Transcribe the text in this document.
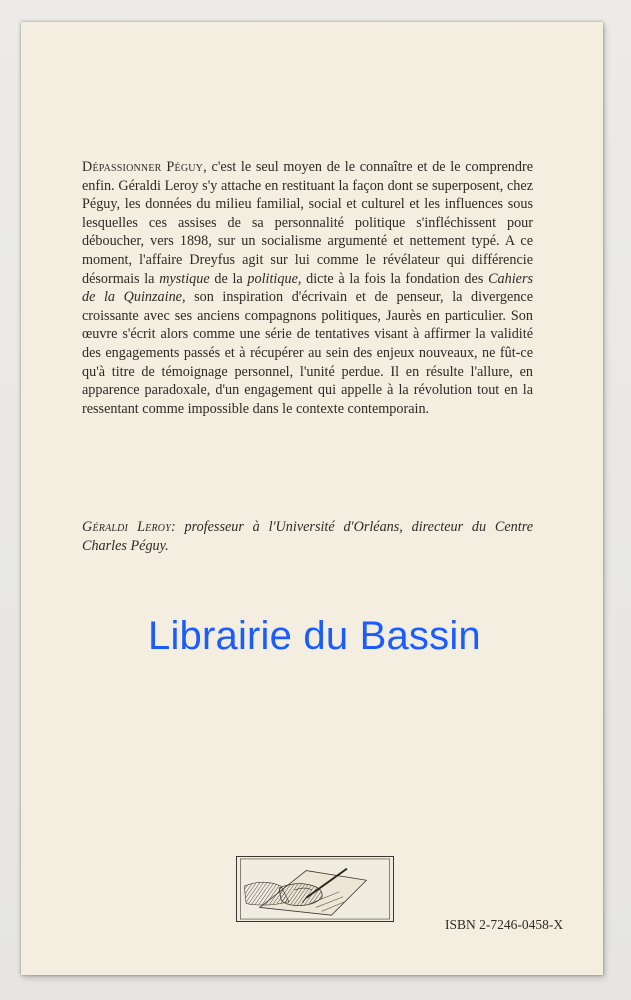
Dépassionner Péguy, c'est le seul moyen de le connaître et de le comprendre enfin. Géraldi Leroy s'y attache en restituant la façon dont se superposent, chez Péguy, les données du milieu familial, social et culturel et les influences sous lesquelles ces assises de sa personnalité politique s'infléchissent pour déboucher, vers 1898, sur un socialisme argumenté et nettement typé. A ce moment, l'affaire Dreyfus agit sur lui comme le révélateur qui différencie désormais la mystique de la politique, dicte à la fois la fondation des Cahiers de la Quinzaine, son inspiration d'écrivain et de penseur, la divergence croissante avec ses anciens compagnons politiques, Jaurès en particulier. Son œuvre s'écrit alors comme une série de tentatives visant à affirmer la validité des engagements passés et à récupérer au sein des enjeux nouveaux, ne fût-ce qu'à titre de témoignage personnel, l'unité perdue. Il en résulte l'allure, en apparence paradoxale, d'un engagement qui appelle à la révolution tout en la ressentant comme impossible dans le contexte contemporain.

Géraldi Leroy: professeur à l'Université d'Orléans, directeur du Centre Charles Péguy.

Librairie du Bassin

ISBN 2-7246-0458-X
